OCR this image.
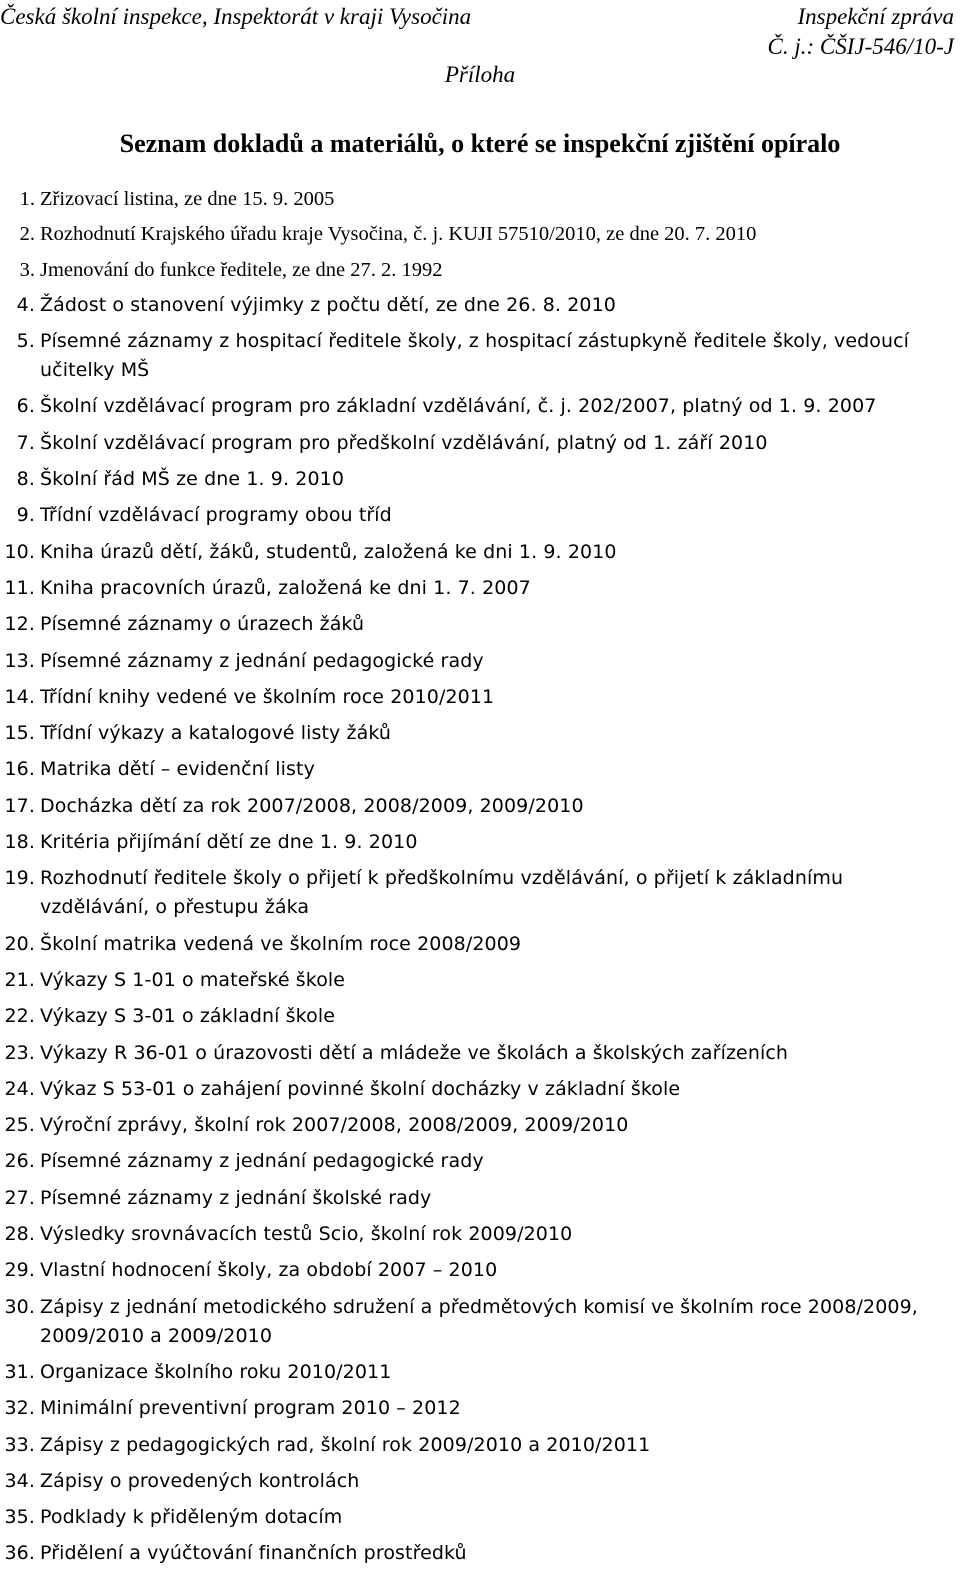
Česká školní inspekce, Inspektorát v kraji Vysočina	Inspekční zpráva
Č. j.: ČŠIJ-546/10-J
Příloha
Seznam dokladů a materiálů, o které se inspekční zjištění opíralo
1. Zřizovací listina, ze dne 15. 9. 2005
2. Rozhodnutí Krajského úřadu kraje Vysočina, č. j. KUJI 57510/2010, ze dne 20. 7. 2010
3. Jmenování do funkce ředitele, ze dne 27. 2. 1992
4. Žádost o stanovení výjimky z počtu dětí, ze dne 26. 8. 2010
5. Písemné záznamy z hospitací ředitele školy, z hospitací zástupkyně ředitele školy, vedoucí učitelky MŠ
6. Školní vzdělávací program pro základní vzdělávání, č. j. 202/2007, platný od 1. 9. 2007
7. Školní vzdělávací program pro předškolní vzdělávání, platný od 1. září 2010
8. Školní řád MŠ ze dne 1. 9. 2010
9. Třídní vzdělávací programy obou tříd
10. Kniha úrazů dětí, žáků, studentů, založená ke dni 1. 9. 2010
11. Kniha pracovních úrazů, založená ke dni 1. 7. 2007
12. Písemné záznamy o úrazech žáků
13. Písemné záznamy z jednání pedagogické rady
14. Třídní knihy vedené ve školním roce 2010/2011
15. Třídní výkazy a katalogové listy žáků
16. Matrika dětí – evidenční listy
17. Docházka dětí za rok 2007/2008, 2008/2009, 2009/2010
18. Kritéria přijímání dětí ze dne 1. 9. 2010
19. Rozhodnutí ředitele školy o přijetí k předškolnímu vzdělávání, o přijetí k základnímu vzdělávání, o přestupu žáka
20. Školní matrika vedená ve školním roce 2008/2009
21. Výkazy S 1-01 o mateřské škole
22. Výkazy S 3-01 o základní škole
23. Výkazy R 36-01 o úrazovosti dětí a mládeže ve školách a školských zařízeních
24. Výkaz S 53-01 o zahájení povinné školní docházky v základní škole
25. Výroční zprávy, školní rok 2007/2008, 2008/2009, 2009/2010
26. Písemné záznamy z jednání pedagogické rady
27. Písemné záznamy z jednání školské rady
28. Výsledky srovnávacích testů Scio, školní rok 2009/2010
29. Vlastní hodnocení školy, za období 2007 – 2010
30. Zápisy z jednání metodického sdružení a předmětových komisí ve školním roce 2008/2009, 2009/2010 a 2009/2010
31. Organizace školního roku 2010/2011
32. Minimální preventivní program 2010 – 2012
33. Zápisy z pedagogických rad, školní rok 2009/2010 a 2010/2011
34. Zápisy o provedených kontrolách
35. Podklady k přiděleným dotacím
36. Přidělení a vyúčtování finančních prostředků
